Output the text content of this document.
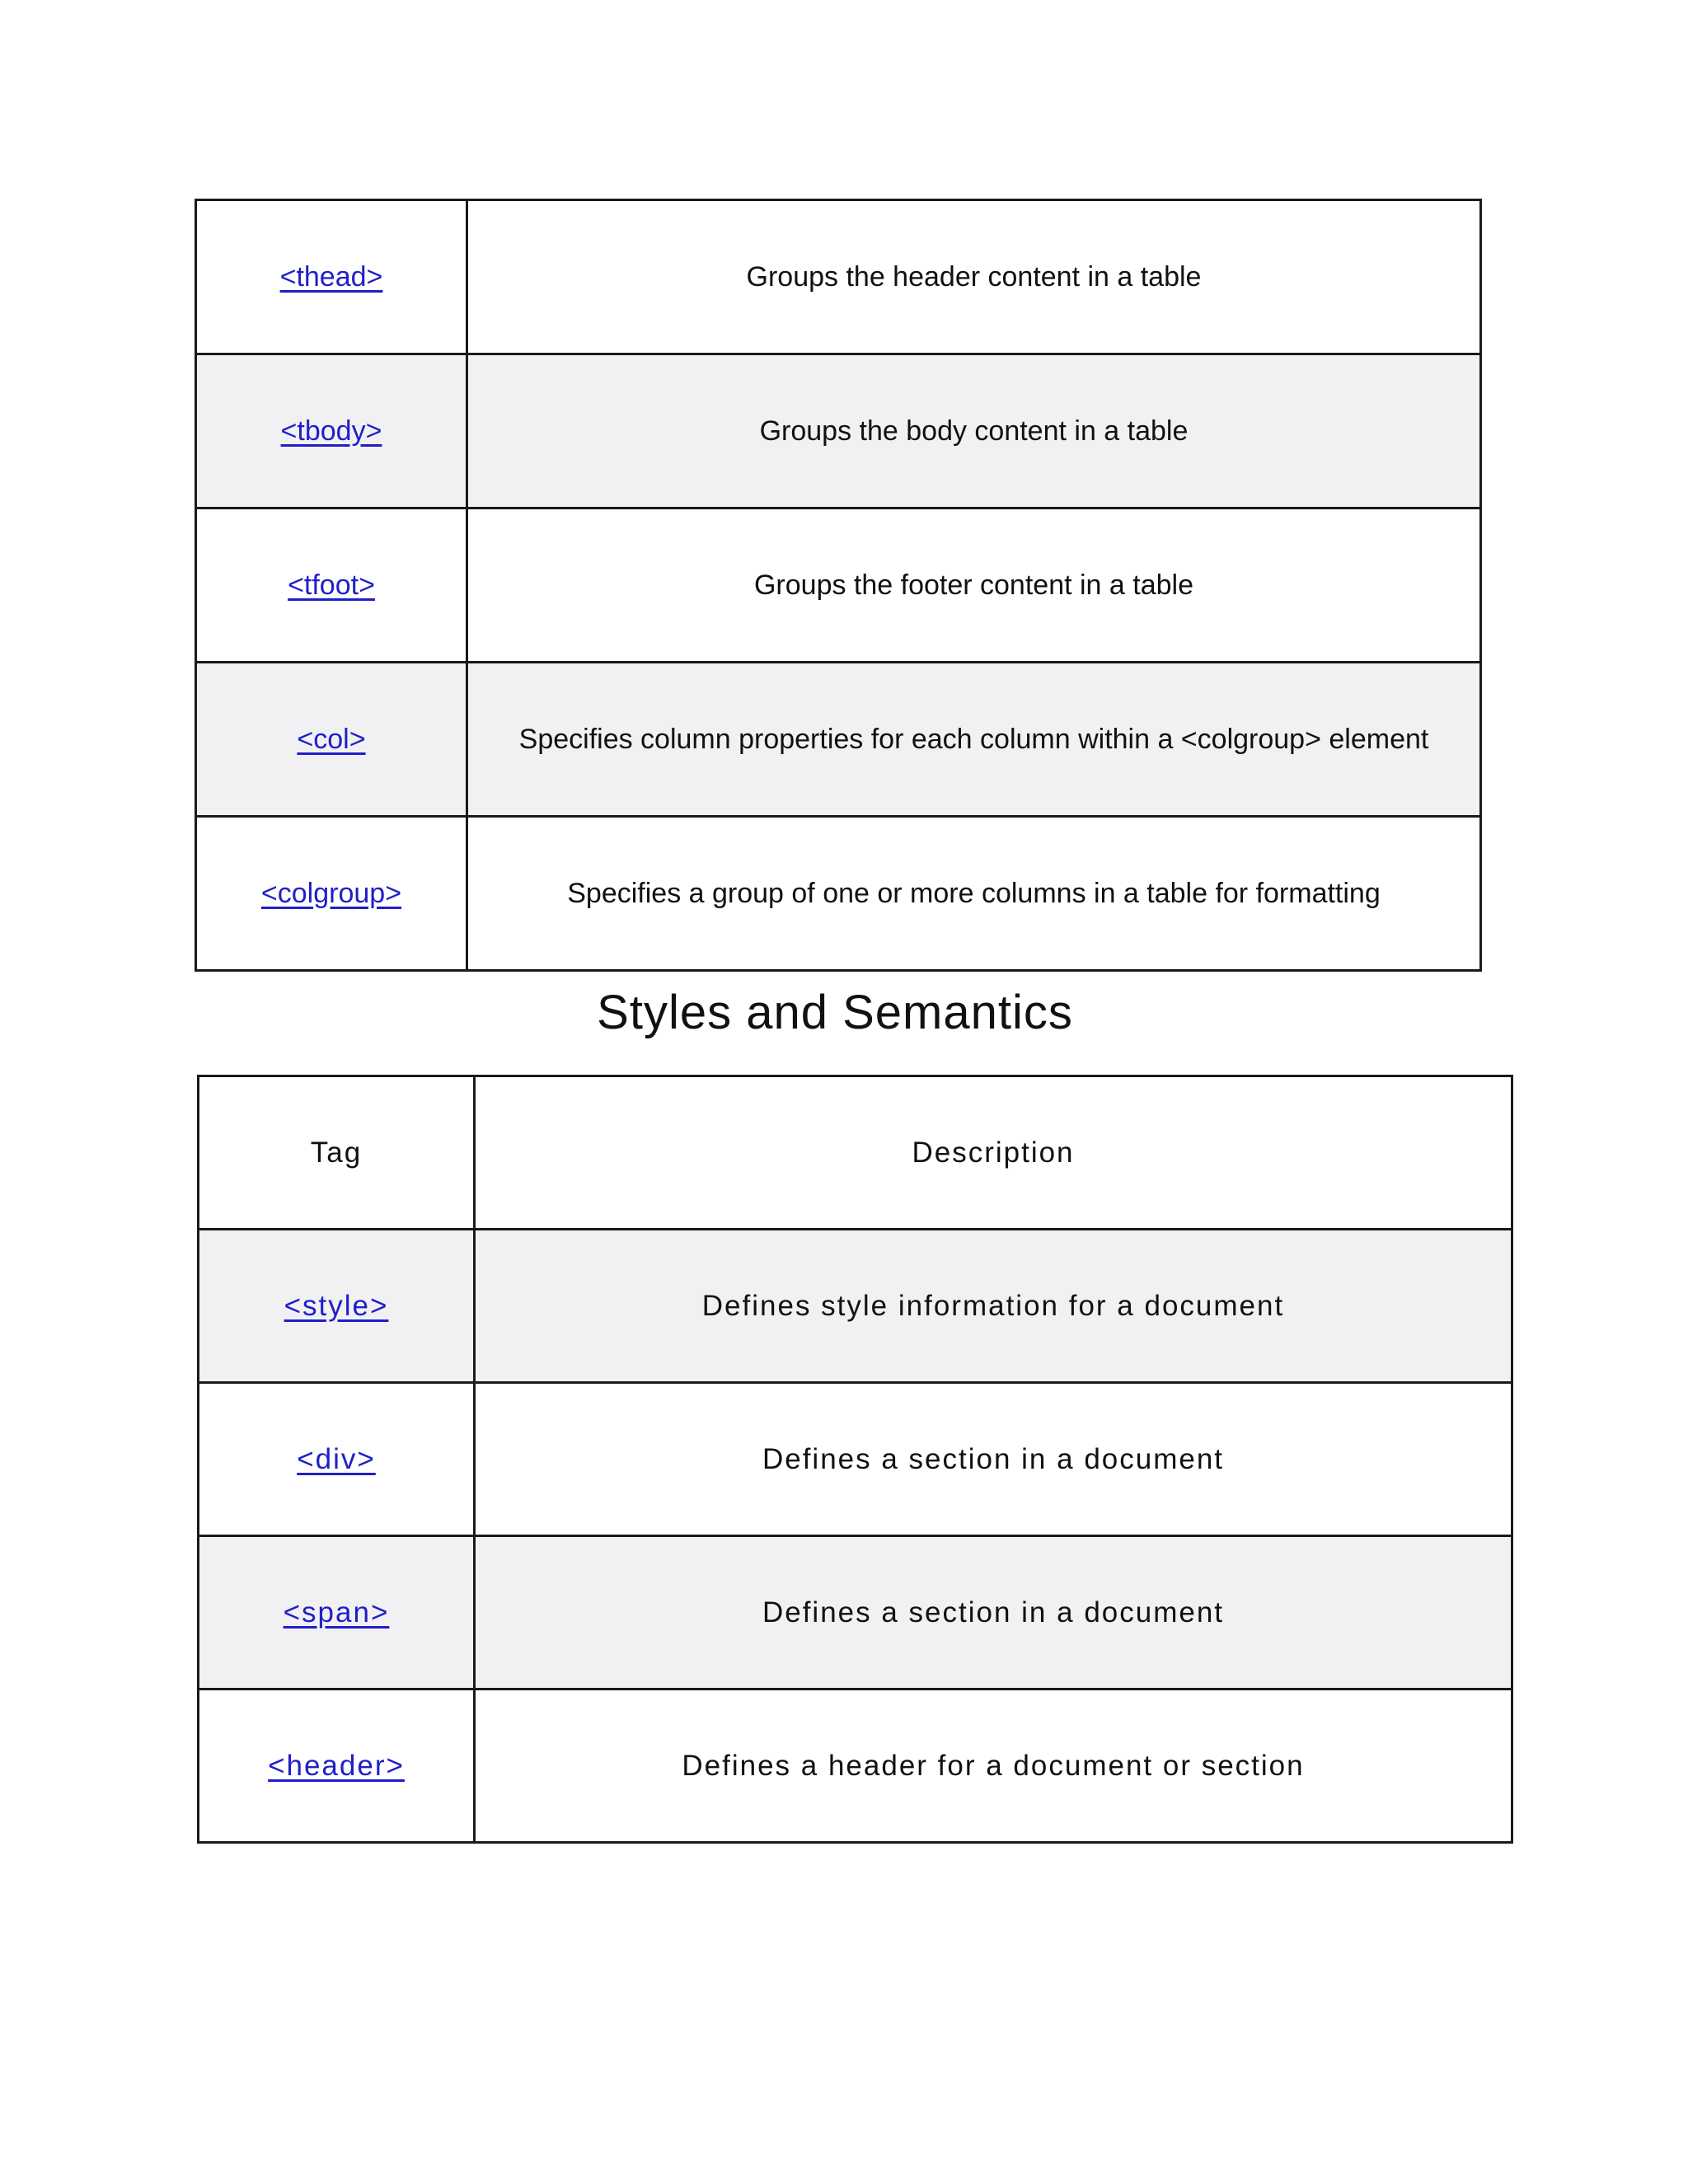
<thead>	Groups the header content in a table
<tbody>	Groups the body content in a table
<tfoot>	Groups the footer content in a table
<col>	Specifies column properties for each column within a <colgroup> element
<colgroup>	Specifies a group of one or more columns in a table for formatting
Styles and Semantics
Tag	Description
<style>	Defines style information for a document
<div>	Defines a section in a document
<span>	Defines a section in a document
<header>	Defines a header for a document or section
